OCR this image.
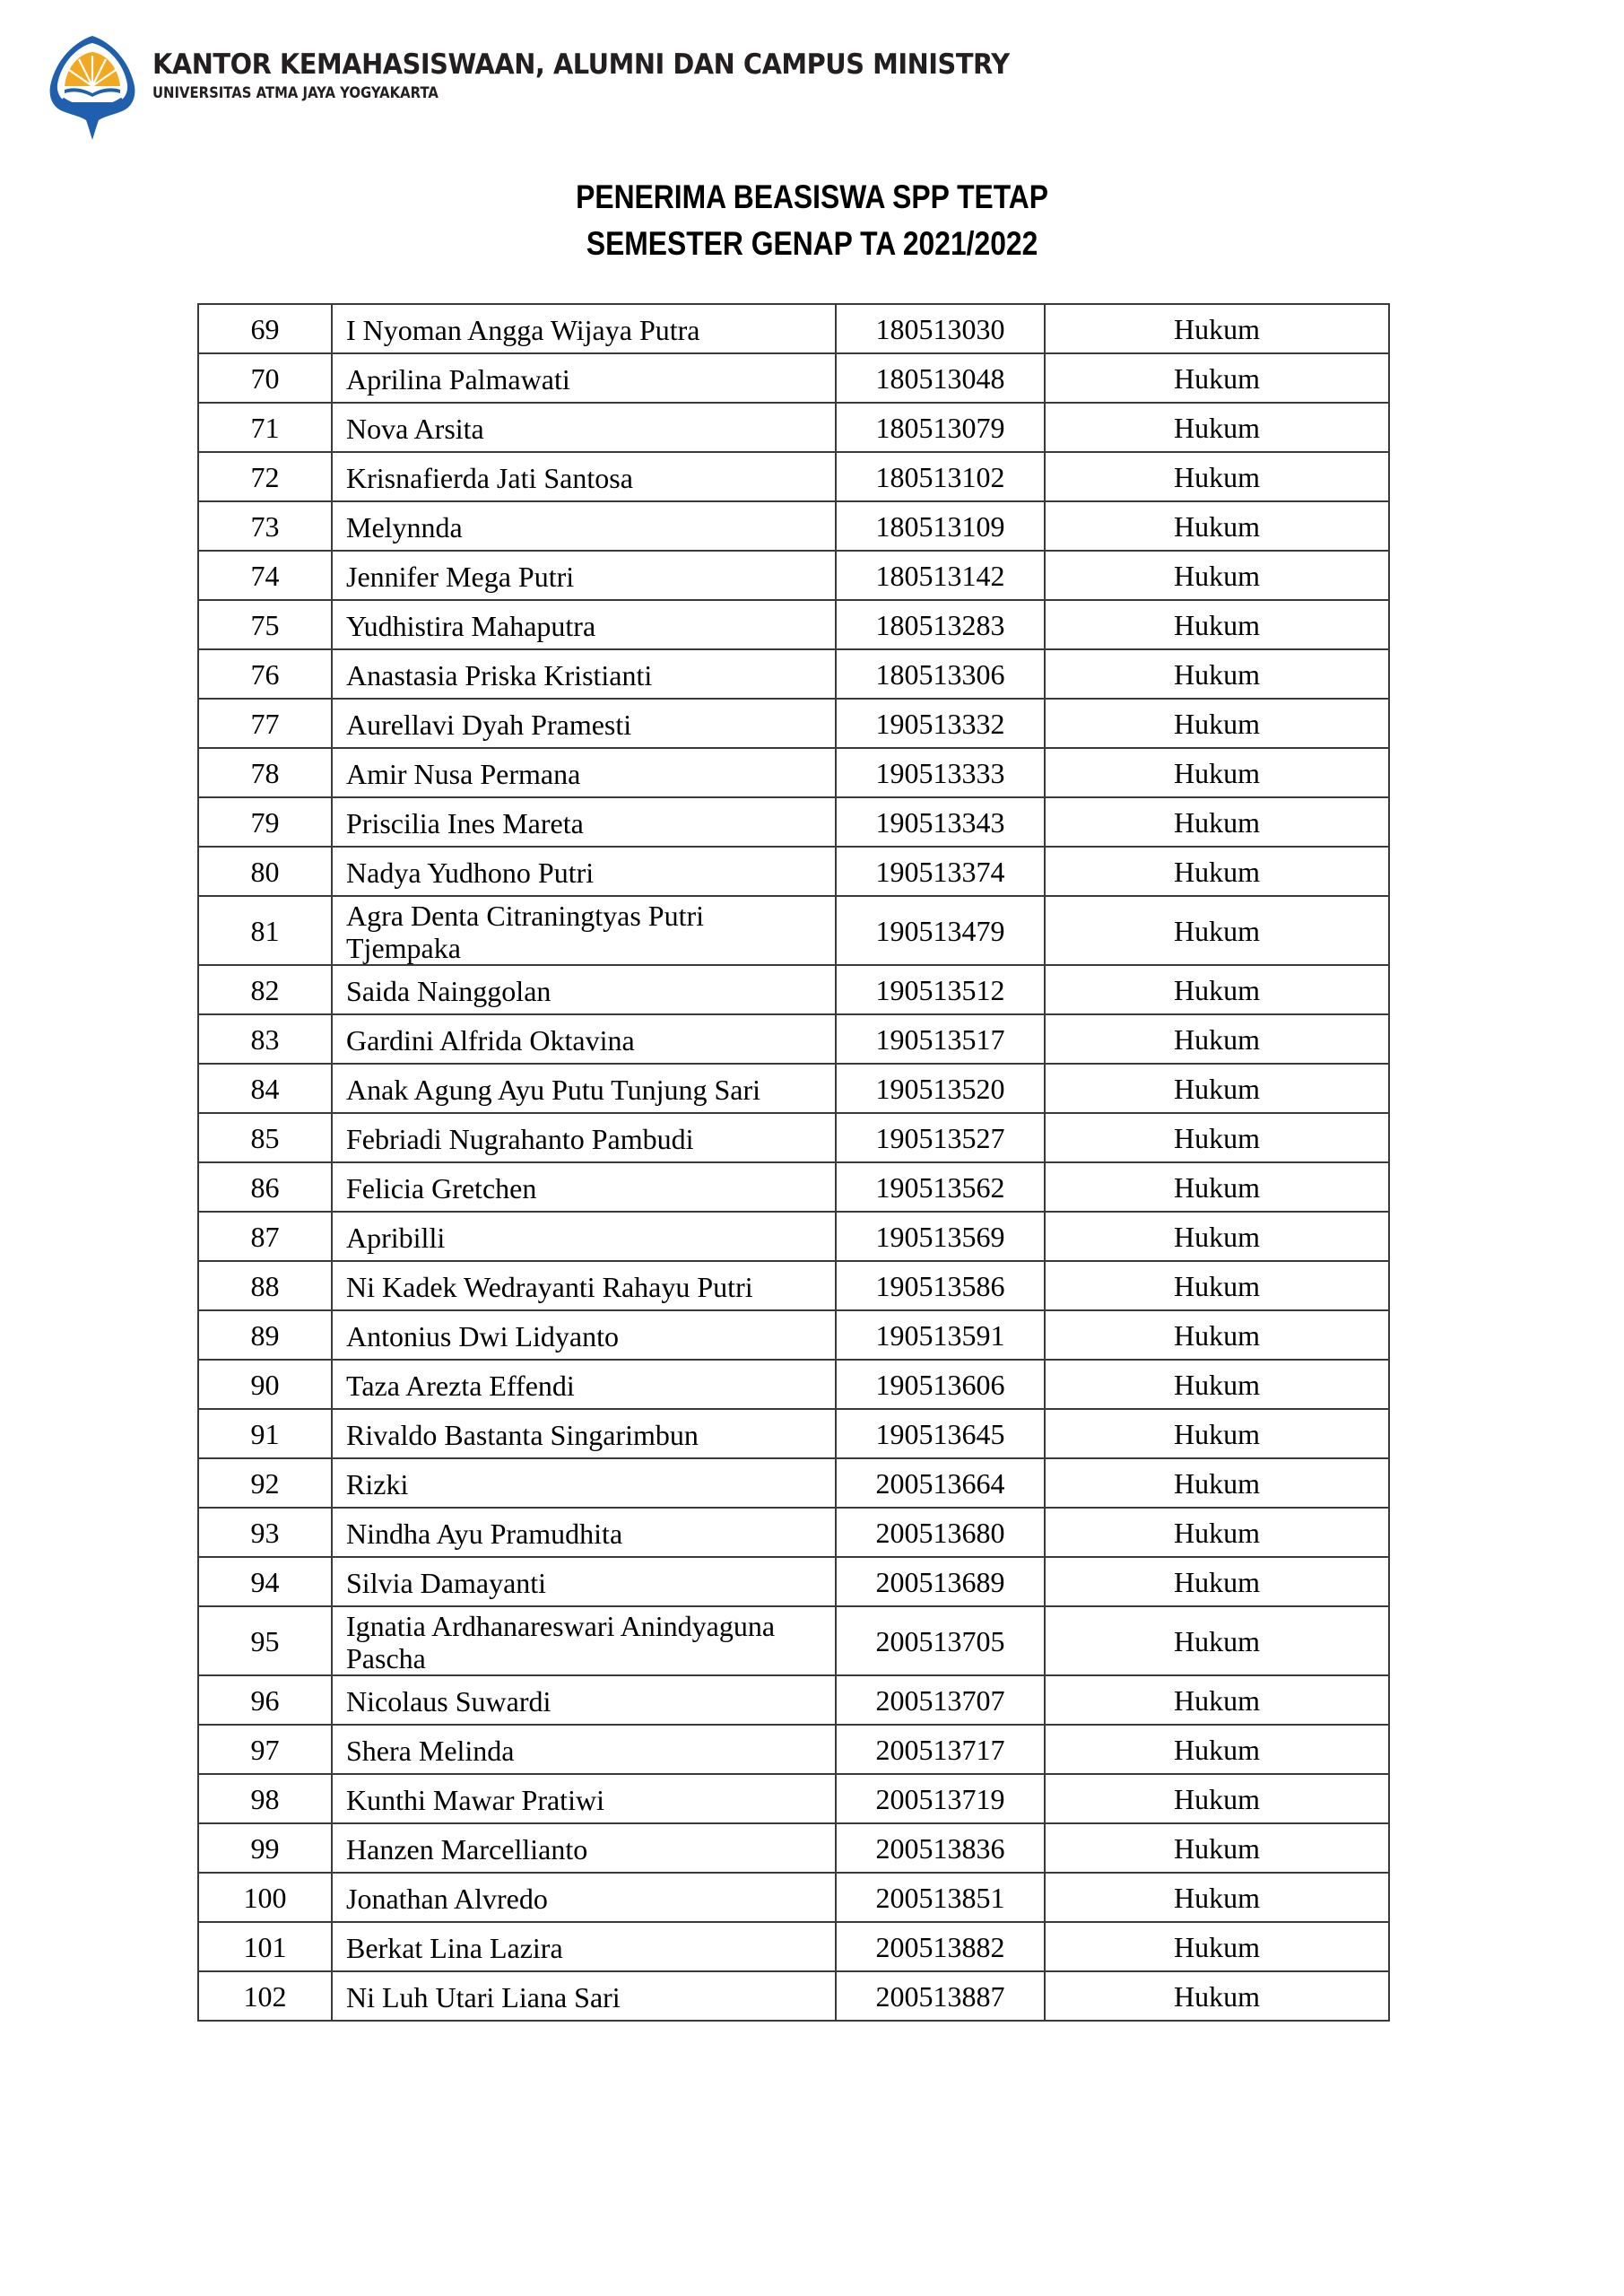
KANTOR KEMAHASISWAAN, ALUMNI DAN CAMPUS MINISTRY
UNIVERSITAS ATMA JAYA YOGYAKARTA
PENERIMA BEASISWA SPP TETAP
SEMESTER GENAP TA 2021/2022
69	I Nyoman Angga Wijaya Putra	180513030	Hukum
70	Aprilina Palmawati	180513048	Hukum
71	Nova Arsita	180513079	Hukum
72	Krisnafierda Jati Santosa	180513102	Hukum
73	Melynnda	180513109	Hukum
74	Jennifer Mega Putri	180513142	Hukum
75	Yudhistira Mahaputra	180513283	Hukum
76	Anastasia Priska Kristianti	180513306	Hukum
77	Aurellavi Dyah Pramesti	190513332	Hukum
78	Amir Nusa Permana	190513333	Hukum
79	Priscilia Ines Mareta	190513343	Hukum
80	Nadya Yudhono Putri	190513374	Hukum
81	Agra Denta Citraningtyas Putri
Tjempaka	190513479	Hukum
82	Saida Nainggolan	190513512	Hukum
83	Gardini Alfrida Oktavina	190513517	Hukum
84	Anak Agung Ayu Putu Tunjung Sari	190513520	Hukum
85	Febriadi Nugrahanto Pambudi	190513527	Hukum
86	Felicia Gretchen	190513562	Hukum
87	Apribilli	190513569	Hukum
88	Ni Kadek Wedrayanti Rahayu Putri	190513586	Hukum
89	Antonius Dwi Lidyanto	190513591	Hukum
90	Taza Arezta Effendi	190513606	Hukum
91	Rivaldo Bastanta Singarimbun	190513645	Hukum
92	Rizki	200513664	Hukum
93	Nindha Ayu Pramudhita	200513680	Hukum
94	Silvia Damayanti	200513689	Hukum
95	Ignatia Ardhanareswari Anindyaguna
Pascha	200513705	Hukum
96	Nicolaus Suwardi	200513707	Hukum
97	Shera Melinda	200513717	Hukum
98	Kunthi Mawar Pratiwi	200513719	Hukum
99	Hanzen Marcellianto	200513836	Hukum
100	Jonathan Alvredo	200513851	Hukum
101	Berkat Lina Lazira	200513882	Hukum
102	Ni Luh Utari Liana Sari	200513887	Hukum
